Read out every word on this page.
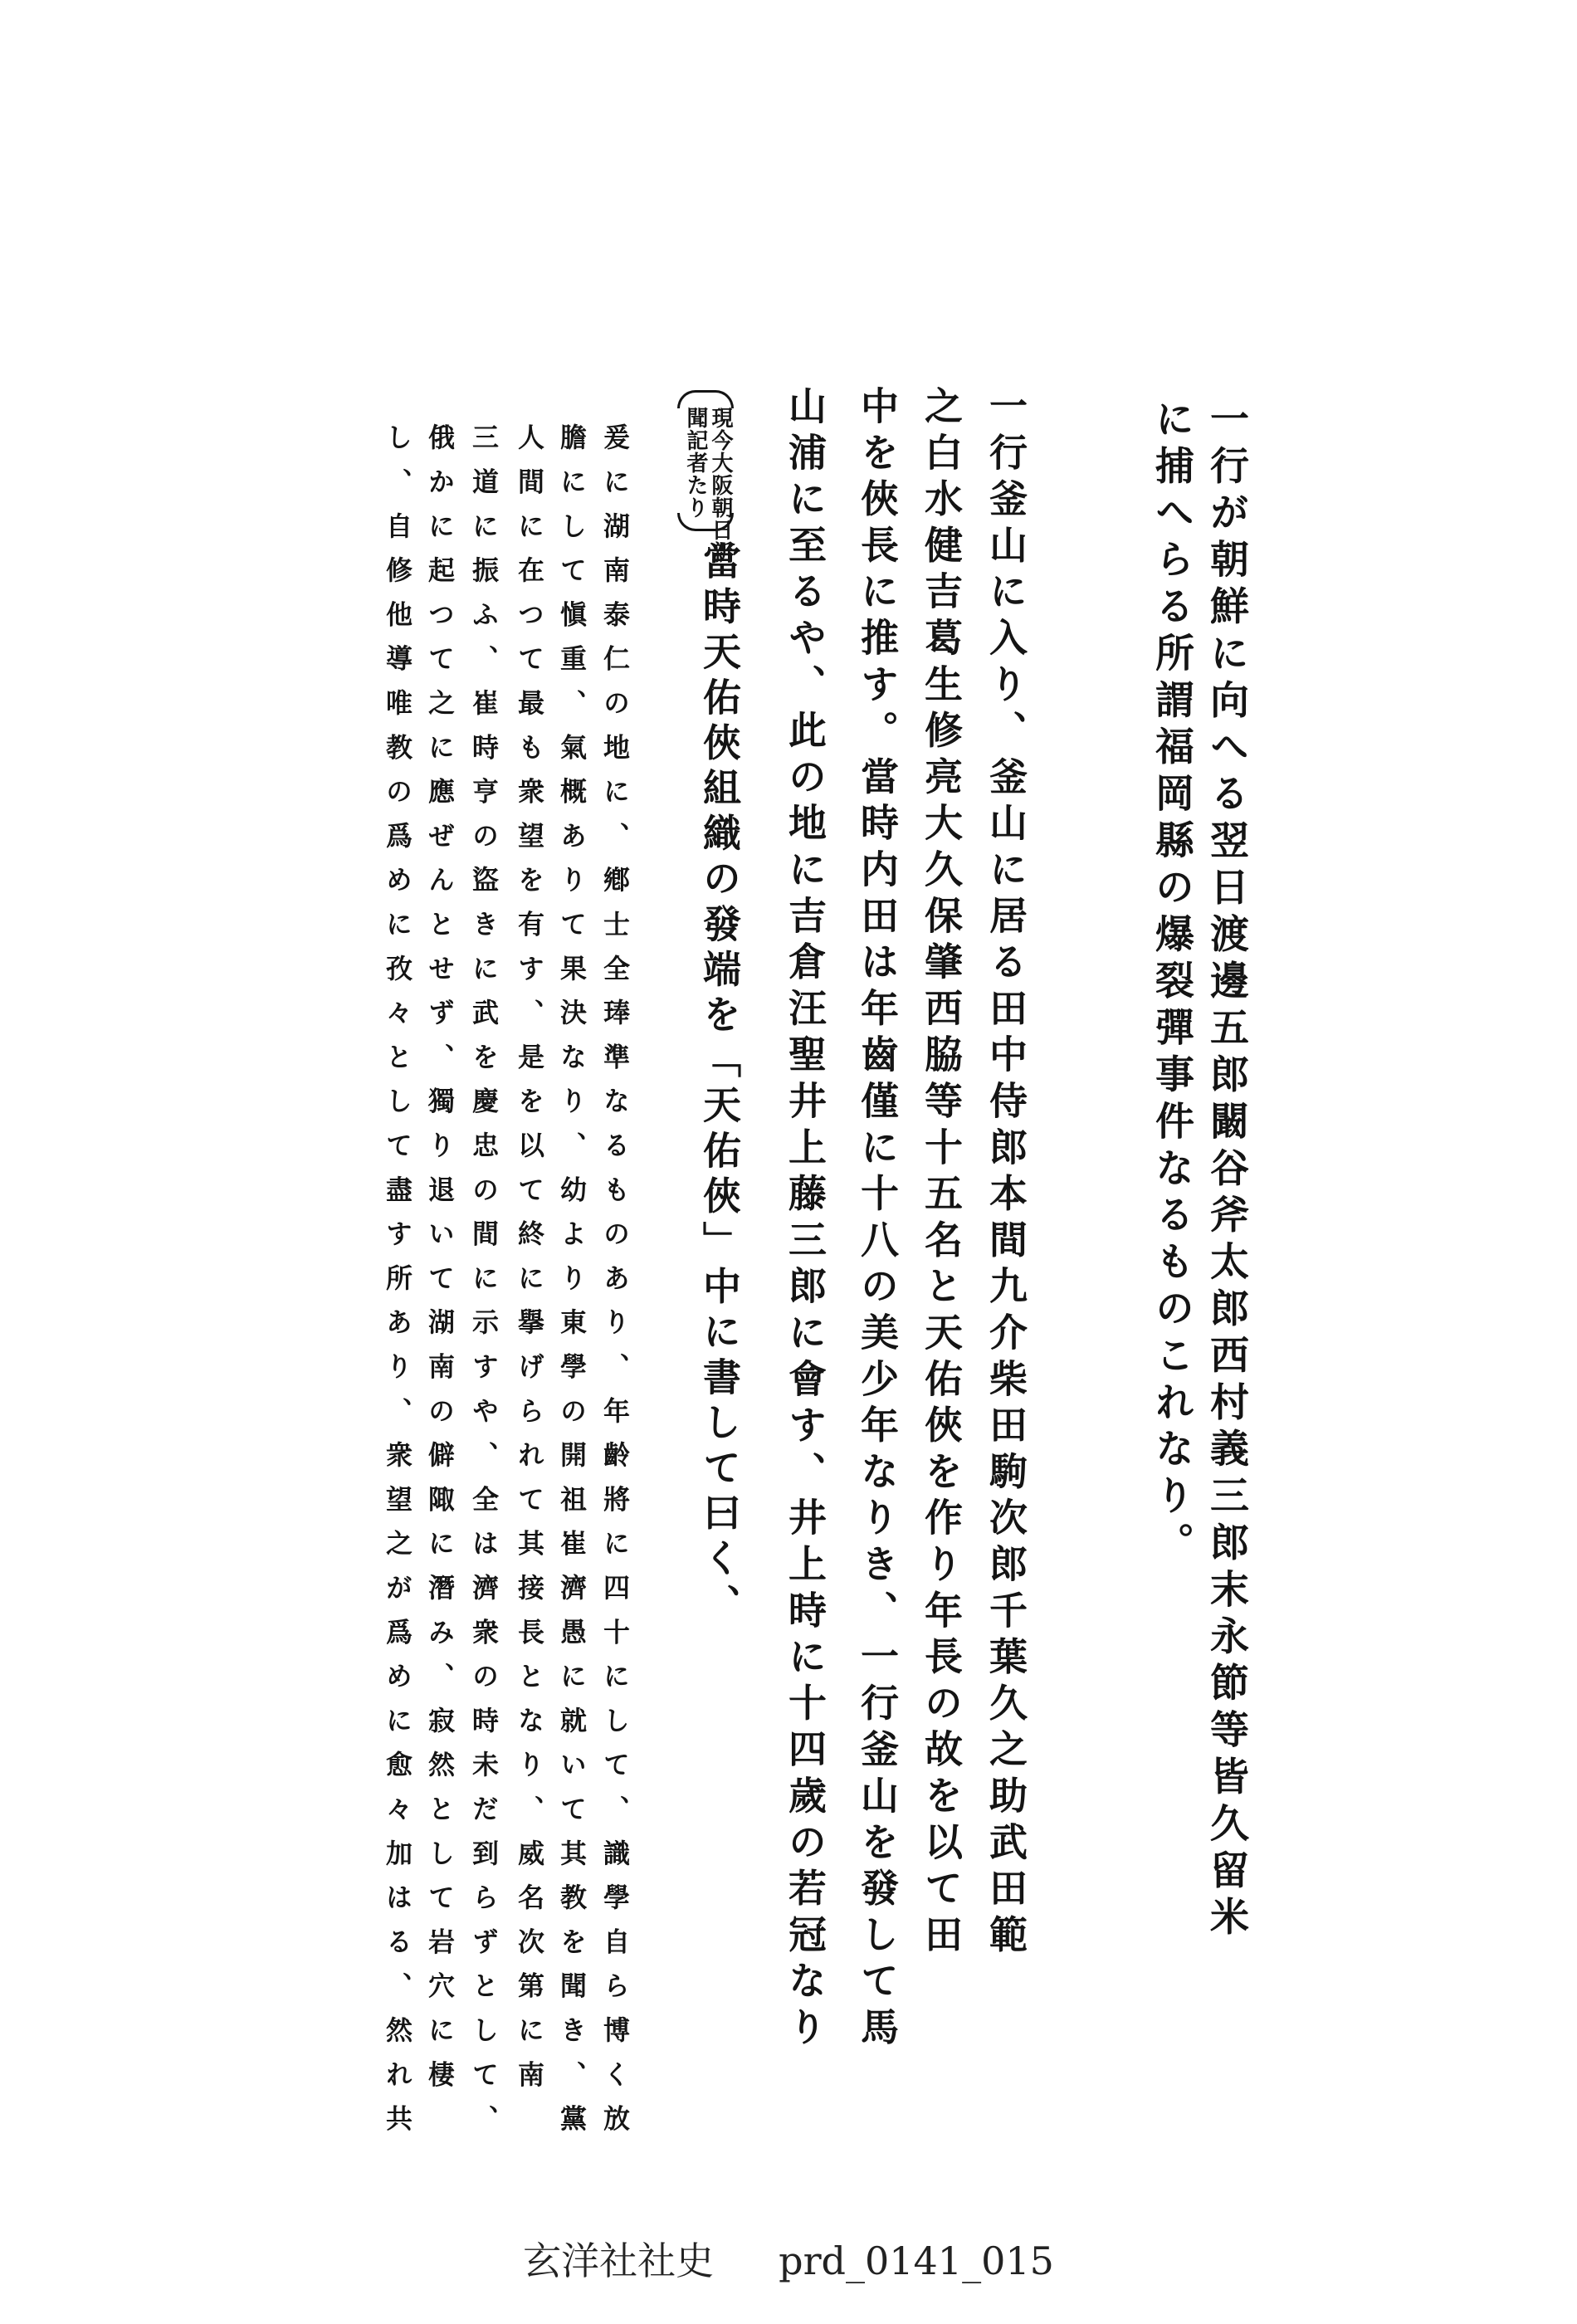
一行が朝鮮に向へる翌日渡邊五郎闞谷斧太郎西村義三郎末永節等皆久留米
に捕へらる所謂福岡縣の爆裂彈事件なるものこれなり。
一行釜山に入り、釜山に居る田中侍郎本間九介柴田駒次郎千葉久之助武田範
之白水健吉葛生修亮大久保肇西脇等十五名と天佑俠を作り年長の故を以て田
中を俠長に推す。當時内田は年齒僅に十八の美少年なりき、一行釜山を發して馬
山浦に至るや、此の地に吉倉汪聖井上藤三郎に會す、井上時に十四歲の若冠なり
現今大阪朝日新
聞記者たり
當時天佑俠組織の發端を「天佑俠」中に書して曰く、
爰に湖南泰仁の地に、鄕士全琫準なるものあり、年齡將に四十にして、識學自ら博く放
膽にして愼重、氣概ありて果決なり、幼より東學の開祖崔濟愚に就いて其教を聞き、黨
人間に在つて最も衆望を有す、是を以て終に擧げられて其接長となり、威名次第に南
三道に振ふ、崔時亨の盜きに武を慶忠の間に示すや、全は濟衆の時未だ到らずとして、
俄かに起つて之に應ぜんとせず、獨り退いて湖南の僻陬に潛み、寂然として岩穴に棲
し、自修他導唯教の爲めに孜々として盡す所あり、衆望之が爲めに愈々加はる、然れ共
玄洋社社史 prd_0141_015
